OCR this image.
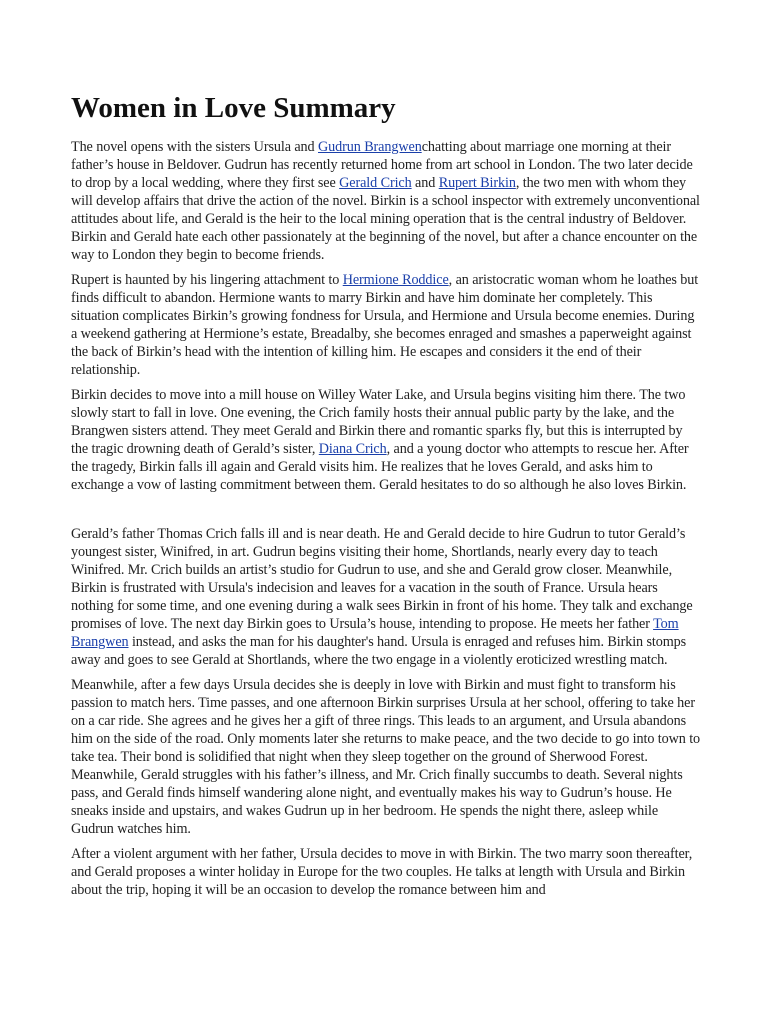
Women in Love Summary

The novel opens with the sisters Ursula and Gudrun Brangwenchatting about marriage one morning at their father’s house in Beldover. Gudrun has recently returned home from art school in London. The two later decide to drop by a local wedding, where they first see Gerald Crich and Rupert Birkin, the two men with whom they will develop affairs that drive the action of the novel. Birkin is a school inspector with extremely unconventional attitudes about life, and Gerald is the heir to the local mining operation that is the central industry of Beldover. Birkin and Gerald hate each other passionately at the beginning of the novel, but after a chance encounter on the way to London they begin to become friends.

Rupert is haunted by his lingering attachment to Hermione Roddice, an aristocratic woman whom he loathes but finds difficult to abandon. Hermione wants to marry Birkin and have him dominate her completely. This situation complicates Birkin’s growing fondness for Ursula, and Hermione and Ursula become enemies. During a weekend gathering at Hermione’s estate, Breadalby, she becomes enraged and smashes a paperweight against the back of Birkin’s head with the intention of killing him. He escapes and considers it the end of their relationship.

Birkin decides to move into a mill house on Willey Water Lake, and Ursula begins visiting him there. The two slowly start to fall in love. One evening, the Crich family hosts their annual public party by the lake, and the Brangwen sisters attend. They meet Gerald and Birkin there and romantic sparks fly, but this is interrupted by the tragic drowning death of Gerald’s sister, Diana Crich, and a young doctor who attempts to rescue her. After the tragedy, Birkin falls ill again and Gerald visits him. He realizes that he loves Gerald, and asks him to exchange a vow of lasting commitment between them. Gerald hesitates to do so although he also loves Birkin.

Gerald’s father Thomas Crich falls ill and is near death. He and Gerald decide to hire Gudrun to tutor Gerald’s youngest sister, Winifred, in art. Gudrun begins visiting their home, Shortlands, nearly every day to teach Winifred. Mr. Crich builds an artist’s studio for Gudrun to use, and she and Gerald grow closer. Meanwhile, Birkin is frustrated with Ursula's indecision and leaves for a vacation in the south of France. Ursula hears nothing for some time, and one evening during a walk sees Birkin in front of his home. They talk and exchange promises of love. The next day Birkin goes to Ursula’s house, intending to propose. He meets her father Tom Brangwen instead, and asks the man for his daughter's hand. Ursula is enraged and refuses him. Birkin stomps away and goes to see Gerald at Shortlands, where the two engage in a violently eroticized wrestling match.

Meanwhile, after a few days Ursula decides she is deeply in love with Birkin and must fight to transform his passion to match hers. Time passes, and one afternoon Birkin surprises Ursula at her school, offering to take her on a car ride. She agrees and he gives her a gift of three rings. This leads to an argument, and Ursula abandons him on the side of the road. Only moments later she returns to make peace, and the two decide to go into town to take tea. Their bond is solidified that night when they sleep together on the ground of Sherwood Forest. Meanwhile, Gerald struggles with his father’s illness, and Mr. Crich finally succumbs to death. Several nights pass, and Gerald finds himself wandering alone night, and eventually makes his way to Gudrun’s house. He sneaks inside and upstairs, and wakes Gudrun up in her bedroom. He spends the night there, asleep while Gudrun watches him.

After a violent argument with her father, Ursula decides to move in with Birkin. The two marry soon thereafter, and Gerald proposes a winter holiday in Europe for the two couples. He talks at length with Ursula and Birkin about the trip, hoping it will be an occasion to develop the romance between him and
